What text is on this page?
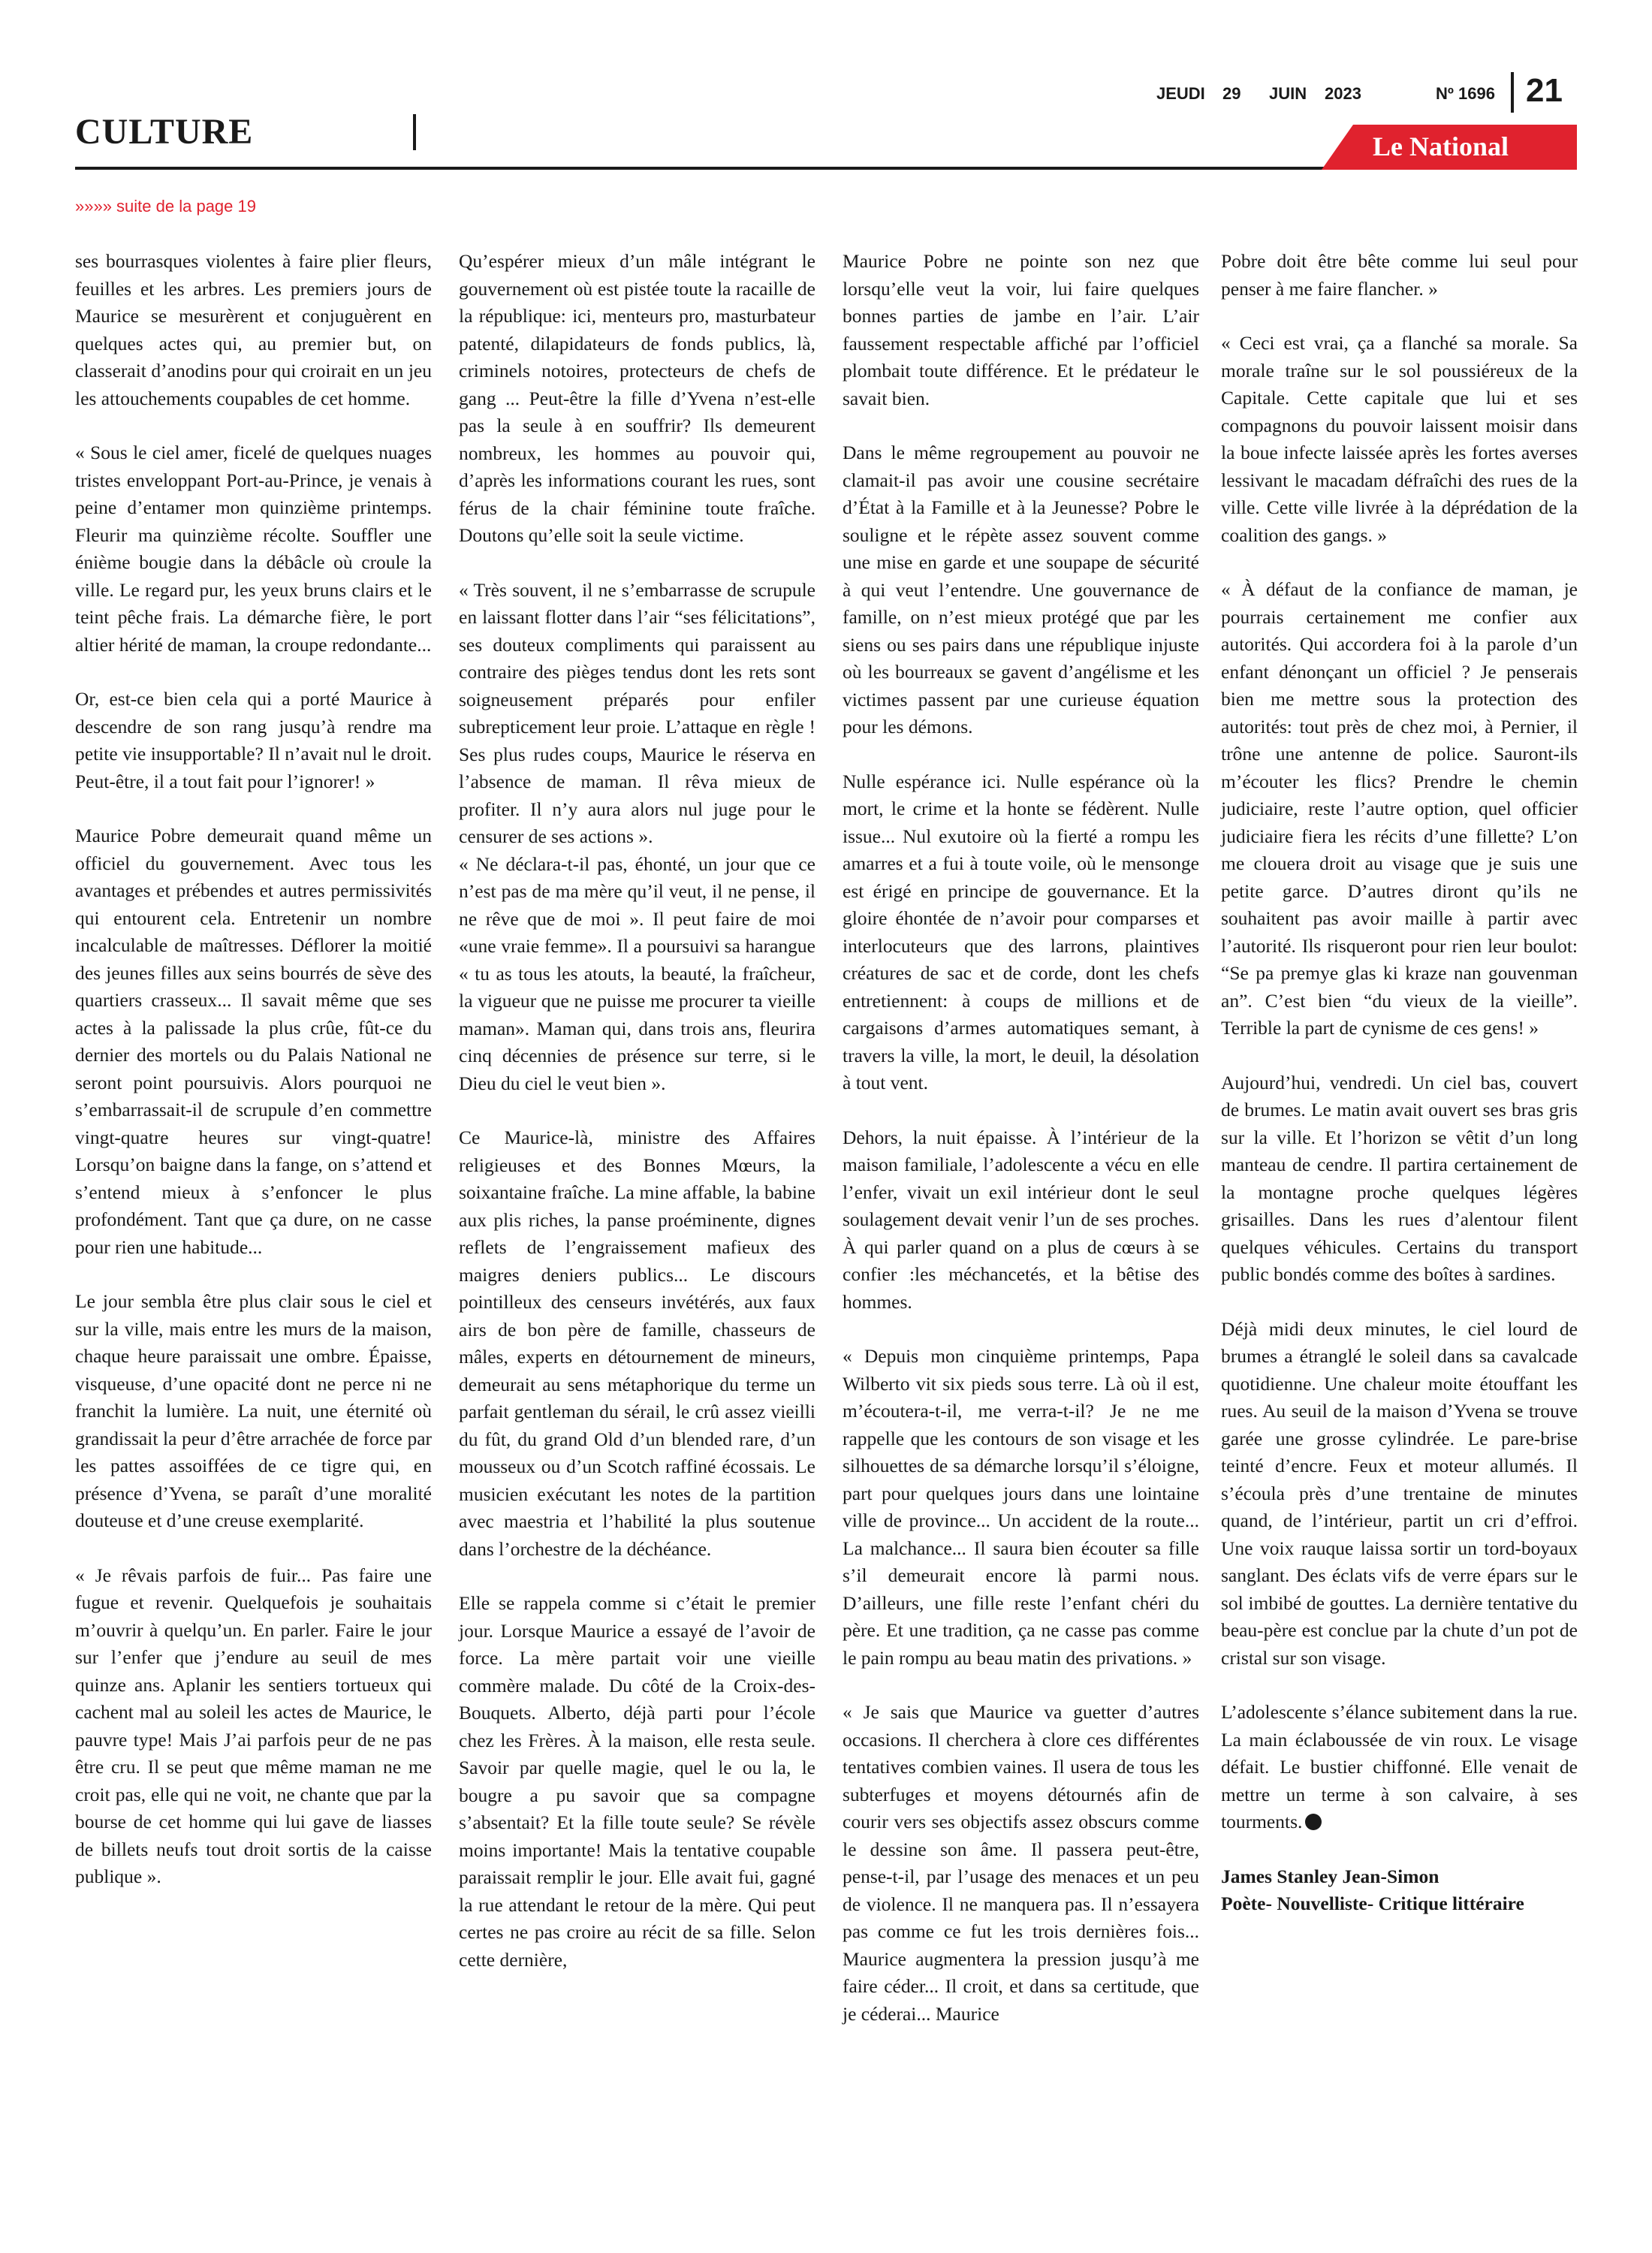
CULTURE
JEUDI 29 JUIN 2023	Nº 1696 21
Le National
»»»» suite de la page 19

ses bourrasques violentes à faire plier fleurs, feuilles et les arbres. Les premiers jours de Maurice se mesurèrent et conjuguèrent en quelques actes qui, au premier but, on classerait d’anodins pour qui croirait en un jeu les attouchements coupables de cet homme.

« Sous le ciel amer, ficelé de quelques nuages tristes enveloppant Port-au-Prince, je venais à peine d’entamer mon quinzième printemps. Fleurir ma quinzième récolte. Souffler une énième bougie dans la débâcle où croule la ville. Le regard pur, les yeux bruns clairs et le teint pêche frais. La démarche fière, le port altier hérité de maman, la croupe redondante...

Or, est-ce bien cela qui a porté Maurice à descendre de son rang jusqu’à rendre ma petite vie insupportable? Il n’avait nul le droit. Peut-être, il a tout fait pour l’ignorer! »

Maurice Pobre demeurait quand même un officiel du gouvernement. Avec tous les avantages et prébendes et autres permissivités qui entourent cela. Entretenir un nombre incalculable de maîtresses. Déflorer la moitié des jeunes filles aux seins bourrés de sève des quartiers crasseux... Il savait même que ses actes à la palissade la plus crûe, fût-ce du dernier des mortels ou du Palais National ne seront point poursuivis. Alors pourquoi ne s’embarrassait-il de scrupule d’en commettre vingt-quatre heures sur vingt-quatre! Lorsqu’on baigne dans la fange, on s’attend et s’entend mieux à s’enfoncer le plus profondément. Tant que ça dure, on ne casse pour rien une habitude...

Le jour sembla être plus clair sous le ciel et sur la ville, mais entre les murs de la maison, chaque heure paraissait une ombre. Épaisse, visqueuse, d’une opacité dont ne perce ni ne franchit la lumière. La nuit, une éternité où grandissait la peur d’être arrachée de force par les pattes assoiffées de ce tigre qui, en présence d’Yvena, se paraît d’une moralité douteuse et d’une creuse exemplarité.

« Je rêvais parfois de fuir... Pas faire une fugue et revenir. Quelquefois je souhaitais m’ouvrir à quelqu’un. En parler. Faire le jour sur l’enfer que j’endure au seuil de mes quinze ans. Aplanir les sentiers tortueux qui cachent mal au soleil les actes de Maurice, le pauvre type! Mais J’ai parfois peur de ne pas être cru. Il se peut que même maman ne me croit pas, elle qui ne voit, ne chante que par la bourse de cet homme qui lui gave de liasses de billets neufs tout droit sortis de la caisse publique ».

Qu’espérer mieux d’un mâle intégrant le gouvernement où est pistée toute la racaille de la république: ici, menteurs pro, masturbateur patenté, dilapidateurs de fonds publics, là, criminels notoires, protecteurs de chefs de gang ... Peut-être la fille d’Yvena n’est-elle pas la seule à en souffrir? Ils demeurent nombreux, les hommes au pouvoir qui, d’après les informations courant les rues, sont férus de la chair féminine toute fraîche. Doutons qu’elle soit la seule victime.

« Très souvent, il ne s’embarrasse de scrupule en laissant flotter dans l’air “ses félicitations”, ses douteux compliments qui paraissent au contraire des pièges tendus dont les rets sont soigneusement préparés pour enfiler subrepticement leur proie. L’attaque en règle ! Ses plus rudes coups, Maurice le réserva en l’absence de maman. Il rêva mieux de profiter. Il n’y aura alors nul juge pour le censurer de ses actions ».

« Ne déclara-t-il pas, éhonté, un jour que ce n’est pas de ma mère qu’il veut, il ne pense, il ne rêve que de moi ». Il peut faire de moi «une vraie femme». Il a poursuivi sa harangue « tu as tous les atouts, la beauté, la fraîcheur, la vigueur que ne puisse me procurer ta vieille maman». Maman qui, dans trois ans, fleurira cinq décennies de présence sur terre, si le Dieu du ciel le veut bien ».

Ce Maurice-là, ministre des Affaires religieuses et des Bonnes Mœurs, la soixantaine fraîche. La mine affable, la babine aux plis riches, la panse proéminente, dignes reflets de l’engraissement mafieux des maigres deniers publics... Le discours pointilleux des censeurs invétérés, aux faux airs de bon père de famille, chasseurs de mâles, experts en détournement de mineurs, demeurait au sens métaphorique du terme un parfait gentleman du sérail, le crû assez vieilli du fût, du grand Old d’un blended rare, d’un mousseux ou d’un Scotch raffiné écossais. Le musicien exécutant les notes de la partition avec maestria et l’habilité la plus soutenue dans l’orchestre de la déchéance.

Elle se rappela comme si c’était le premier jour. Lorsque Maurice a essayé de l’avoir de force. La mère partait voir une vieille commère malade. Du côté de la Croix-des-Bouquets. Alberto, déjà parti pour l’école chez les Frères. À la maison, elle resta seule. Savoir par quelle magie, quel le ou la, le bougre a pu savoir que sa compagne s’absentait? Et la fille toute seule? Se révèle moins importante! Mais la tentative coupable paraissait remplir le jour. Elle avait fui, gagné la rue attendant le retour de la mère. Qui peut certes ne pas croire au récit de sa fille. Selon cette dernière,

Maurice Pobre ne pointe son nez que lorsqu’elle veut la voir, lui faire quelques bonnes parties de jambe en l’air. L’air faussement respectable affiché par l’officiel plombait toute différence. Et le prédateur le savait bien.

Dans le même regroupement au pouvoir ne clamait-il pas avoir une cousine secrétaire d’État à la Famille et à la Jeunesse? Pobre le souligne et le répète assez souvent comme une mise en garde et une soupape de sécurité à qui veut l’entendre. Une gouvernance de famille, on n’est mieux protégé que par les siens ou ses pairs dans une république injuste où les bourreaux se gavent d’angélisme et les victimes passent par une curieuse équation pour les démons.

Nulle espérance ici. Nulle espérance où la mort, le crime et la honte se fédèrent. Nulle issue... Nul exutoire où la fierté a rompu les amarres et a fui à toute voile, où le mensonge est érigé en principe de gouvernance. Et la gloire éhontée de n’avoir pour comparses et interlocuteurs que des larrons, plaintives créatures de sac et de corde, dont les chefs entretiennent: à coups de millions et de cargaisons d’armes automatiques semant, à travers la ville, la mort, le deuil, la désolation à tout vent.

Dehors, la nuit épaisse. À l’intérieur de la maison familiale, l’adolescente a vécu en elle l’enfer, vivait un exil intérieur dont le seul soulagement devait venir l’un de ses proches. À qui parler quand on a plus de cœurs à se confier :les méchancetés, et la bêtise des hommes.

« Depuis mon cinquième printemps, Papa Wilberto vit six pieds sous terre. Là où il est, m’écoutera-t-il, me verra-t-il? Je ne me rappelle que les contours de son visage et les silhouettes de sa démarche lorsqu’il s’éloigne, part pour quelques jours dans une lointaine ville de province... Un accident de la route... La malchance... Il saura bien écouter sa fille s’il demeurait encore là parmi nous. D’ailleurs, une fille reste l’enfant chéri du père. Et une tradition, ça ne casse pas comme le pain rompu au beau matin des privations. »

« Je sais que Maurice va guetter d’autres occasions. Il cherchera à clore ces différentes tentatives combien vaines. Il usera de tous les subterfuges et moyens détournés afin de courir vers ses objectifs assez obscurs comme le dessine son âme. Il passera peut-être, pense-t-il, par l’usage des menaces et un peu de violence. Il ne manquera pas. Il n’essayera pas comme ce fut les trois dernières fois... Maurice augmentera la pression jusqu’à me faire céder... Il croit, et dans sa certitude, que je céderai... Maurice

Pobre doit être bête comme lui seul pour penser à me faire flancher. »

« Ceci est vrai, ça a flanché sa morale. Sa morale traîne sur le sol poussiéreux de la Capitale. Cette capitale que lui et ses compagnons du pouvoir laissent moisir dans la boue infecte laissée après les fortes averses lessivant le macadam défraîchi des rues de la ville. Cette ville livrée à la déprédation de la coalition des gangs. »

« À défaut de la confiance de maman, je pourrais certainement me confier aux autorités. Qui accordera foi à la parole d’un enfant dénonçant un officiel ? Je penserais bien me mettre sous la protection des autorités: tout près de chez moi, à Pernier, il trône une antenne de police. Sauront-ils m’écouter les flics? Prendre le chemin judiciaire, reste l’autre option, quel officier judiciaire fiera les récits d’une fillette? L’on me clouera droit au visage que je suis une petite garce. D’autres diront qu’ils ne souhaitent pas avoir maille à partir avec l’autorité. Ils risqueront pour rien leur boulot: “Se pa premye glas ki kraze nan gouvenman an”. C’est bien “du vieux de la vieille”. Terrible la part de cynisme de ces gens! »

Aujourd’hui, vendredi. Un ciel bas, couvert de brumes. Le matin avait ouvert ses bras gris sur la ville. Et l’horizon se vêtit d’un long manteau de cendre. Il partira certainement de la montagne proche quelques légères grisailles. Dans les rues d’alentour filent quelques véhicules. Certains du transport public bondés comme des boîtes à sardines.

Déjà midi deux minutes, le ciel lourd de brumes a étranglé le soleil dans sa cavalcade quotidienne. Une chaleur moite étouffant les rues. Au seuil de la maison d’Yvena se trouve garée une grosse cylindrée. Le pare-brise teinté d’encre. Feux et moteur allumés. Il s’écoula près d’une trentaine de minutes quand, de l’intérieur, partit un cri d’effroi. Une voix rauque laissa sortir un tord-boyaux sanglant. Des éclats vifs de verre épars sur le sol imbibé de gouttes. La dernière tentative du beau-père est conclue par la chute d’un pot de cristal sur son visage.

L’adolescente s’élance subitement dans la rue. La main éclaboussée de vin roux. Le visage défait. Le bustier chiffonné. Elle venait de mettre un terme à son calvaire, à ses tourments.

James Stanley Jean-Simon
Poète- Nouvelliste- Critique littéraire
